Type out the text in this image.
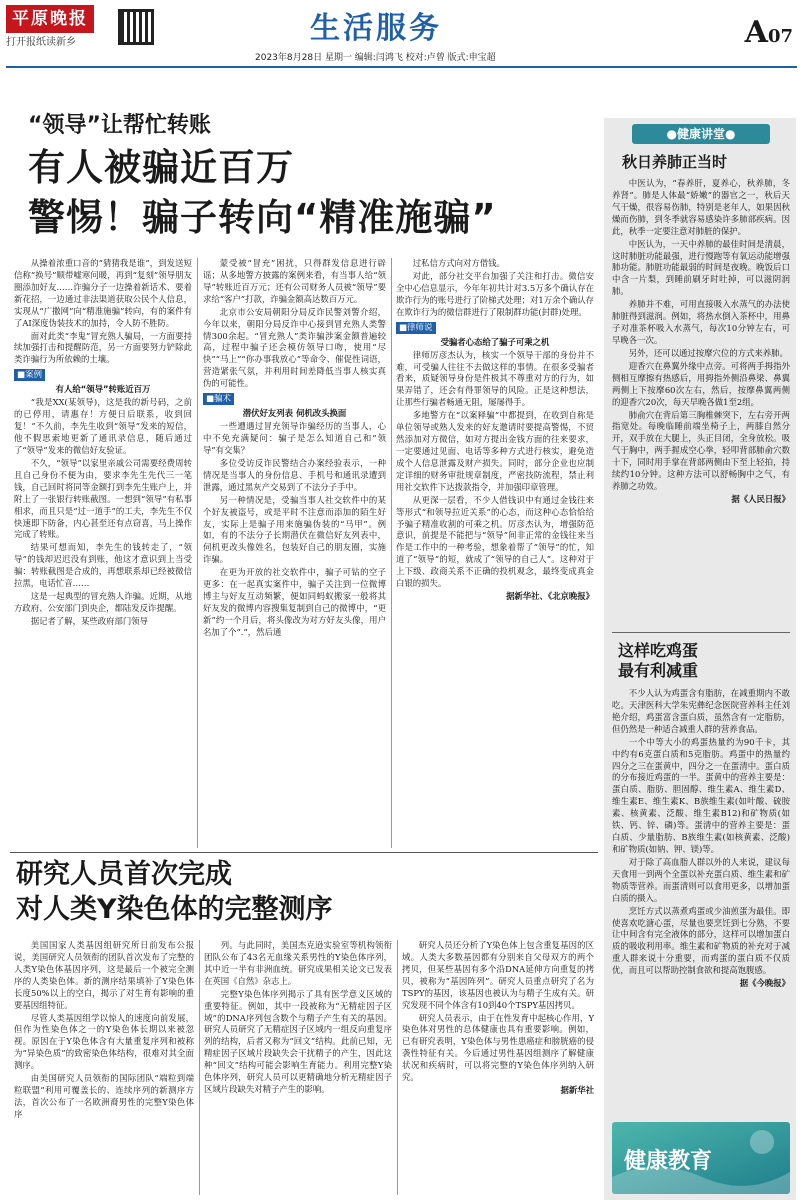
平原晚报
打开报纸读新乡	生活服务	A07
2023年8月28日 星期一 编辑:闫鸿飞 校对:卢曾 版式:申宝超
“领导”让帮忙转账
有人被骗近百万
警惕！骗子转向“精准施骗”

从操着浓重口音的“猜猜我是谁”，到发送短信称“换号”顺带嘘寒问暖，再到“复刻”领导朋友圈添加好友……诈骗分子一边操着新话术、要着新花招，一边通过非法渠道获取公民个人信息，实现从“广撒网”向“精准施骗”转向，有的案件有了AI深度伪装技术的加持，令人防不胜防。

面对此类“李鬼”冒充熟人骗局，一方面要持续加强打击和提醒防范，另一方面要努力铲除此类诈骗行为所依赖的土壤。

■案例
有人给“领导”转账近百万

“我是XX(某领导)，这是我的新号码，之前的已停用，请惠存！方便日后联系，收到回复！”不久前，李先生收到“领导”发来的短信，他不假思索地更新了通讯录信息，随后通过了“领导”发来的微信好友验证。

不久，“领导”以家里亲戚公司需要经费周转且自己身份不便为由，要求李先生先代三一笔钱，自己回时将同等金额打到李先生账户上，并附上了一张银行转账截图。一想到“领导”有私事相求，而且只是“过一道手”的工夫，李先生不仅快速即下防备，内心甚至还有点窃喜，马上操作完成了转账。

结果可想而知，李先生的钱转走了，“领导”的钱却迟迟没有到账，他这才意识到上当受骗：转账截图是合成的，再想联系却已经被微信拉黑，电话忙音……

这是一起典型的冒充熟人诈骗。近期，从地方政府、公安部门到央企，都陆发反诈提醒。

据记者了解，某些政府部门领导

蒙受被“冒充”困扰，只得群发信息进行辟谣；从多地警方披露的案例来看，有当事人给“领导”转账近百万元；还有公司财务人员被“领导”要求给“客户”打款，诈骗金额高达数百万元。

北京市公安局朝阳分局反诈民警刘警介绍，今年以来，朝阳分局反诈中心接到冒充熟人类警情300余起。“冒充熟人”类诈骗涉案金额普遍较高，过程中骗子还会模仿领导口吻，使用“尽快”“马上”“你办事我放心”等命令、催促性词语，营造紧张气氛，并利用时间差降低当事人核实真伪的可能性。

■骗术
潜伏好友列表 伺机改头换面

一些遭遇过冒充领导诈骗经历的当事人，心中不免充满疑问：骗子是怎么知道自己和“领导”有交集？

多位受访反诈民警结合办案经验表示，一种情况是当事人的身份信息、手机号和通讯录遭到泄露，通过黑灰产交易到了不法分子手中。

另一种情况是，受骗当事人社交软件中的某个好友被盗号，或是平时不注意而添加的陌生好友，实际上是骗子用来施骗伪装的“马甲”。例如，有的不法分子长期潜伏在微信好友列表中，伺机更改头像姓名，包装好自己的朋友圈，实施诈骗。

在更为开放的社交软件中，骗子可钻的空子更多：在一起真实案件中，骗子关注到一位微博博主与好友互动频繁，便如同蚂蚁搬家一般将其好友发的微博内容搜集复制到自己的微博中，“更新”约一个月后，将头像改为对方好友头像，用户名加了个“.”，然后通

过私信方式向对方借钱。

对此，部分社交平台加强了关注和打击。微信安全中心信息显示，今年年初共计对3.5万多个确认存在欺诈行为的账号进行了阶梯式处理；对1万余个确认存在欺诈行为的微信群进行了限制群功能(封群)处理。

■律师说
受骗者心态给了骗子可乘之机

律师厉彦杰认为，核实一个领导干部的身份并不难，可受骗人往往不去做这样的事情。在很多受骗者看来，质疑领导身份是件极其不尊重对方的行为，如果弄错了，还会有得罪领导的风险。正是这种想法，让那些行骗者畅通无阻，屡屡得手。

多地警方在“以案释骗”中都提到，在收到自称是单位领导或熟人发来的好友邀请时要提高警惕，不贸然添加对方微信，如对方提出金钱方面的往来要求，一定要通过见面、电话等多种方式进行核实，避免造成个人信息泄露及财产损失。同时，部分企业也应制定详细的财务审批规章制度，严密技防流程，禁止利用社交软件下达拨款指令，并加强印章管理。

从更深一层看，不少人借钱识中有通过金钱往来等形式“和领导拉近关系”的心态，而这种心态恰恰给予骗子精准收割的可乘之机。厉彦杰认为，增强防范意识，前提是不能把与“领导”间非正常的金钱往来当作是工作中的一种考验，想象着帮了“领导”的忙，知道了“领导”的短，就成了“领导的自己人”。这种对于上下级、政商关系不正确的投机观念，最终变成真金白银的损失。

据新华社、《北京晚报》
研究人员首次完成
对人类Y染色体的完整测序

美国国家人类基因组研究所日前发布公报说，美国研究人员领衔的团队首次发布了完整的人类Y染色体基因序列，这是最后一个被完全测序的人类染色体。新的测序结果填补了Y染色体长度50%以上的空白，揭示了对生育有影响的重要基因组特征。

尽管人类基因组学以惊人的速度向前发展，但作为性染色体之一的Y染色体长期以来被忽视。原因在于Y染色体含有大量重复序列和被称为“异染色质”的致密染色体结构，很难对其全面测序。

由美国研究人员领衔的国际团队“端粒到端粒联盟”利用可覆盖长的、连续序列的新测序方法，首次公布了一名欧洲裔男性的完整Y染色体序

列。与此同时，美国杰克逊实验室等机构领衔团队公布了43名无血缘关系男性的Y染色体序列，其中近一半有非洲血统。研究成果相关论文已发表在英国《自然》杂志上。

完整Y染色体序列揭示了具有医学意义区域的重要特征。例如，其中一段被称为“无精症因子区域”的DNA序列包含数个与精子产生有关的基因。研究人员研究了无精症因子区域内一组反向重复序列的结构，后者又称为“回文”结构。此前已知，无精症因子区域片段缺失会干扰精子的产生，因此这种“回文”结构可能会影响生育能力。利用完整Y染色体序列，研究人员可以更精确地分析无精症因子区域片段缺失对精子产生的影响。

研究人员还分析了Y染色体上包含重复基因的区域。人类大多数基因都有分别来自父母双方的两个拷贝，但某些基因有多个沿DNA延伸方向重复的拷贝，被称为“基因阵列”。研究人员重点研究了名为TSPY的基因，该基因也被认为与精子生成有关。研究发现不同个体含有10到40个TSPY基因拷贝。

研究人员表示，由于在性发育中起核心作用，Y染色体对男性的总体健康也具有重要影响。例如，已有研究表明，Y染色体与男性患癌症和膀胱癌的侵袭性特征有关。今后通过男性基因组测序了解健康状况和疾病时，可以将完整的Y染色体序列纳入研究。

据新华社
●健康讲堂●
秋日养肺正当时

中医认为，“春养肝，夏养心，秋养肺，冬养肾”。肺是人体最“娇嫩”的器官之一，秋后天气干燥，很容易伤肺，特别是老年人，如果因秋燥而伤肺，到冬季就容易感染许多肺部疾病。因此，秋季一定要注意对肺脏的保护。

中医认为，一天中养肺的最佳时间是清晨，这时肺脏功能最强，进行慢跑等有氧运动能增强肺功能。肺脏功能最弱的时间是夜晚。晚饭后口中含一片梨，到睡前刷牙时吐掉，可以滋阴润肺。

养肺并不难，可用直接吸入水蒸气的办法使肺脏得到滋润。例如，将热水倒入茶杯中，用鼻子对准茶杯吸入水蒸气，每次10分钟左右，可早晚各一次。

另外，还可以通过按摩穴位的方式来养肺。

迎香穴在鼻翼外缘中点旁。可将两手拇指外侧相互摩擦有热感后，用拇指外侧沿鼻梁、鼻翼两侧上下按摩60次左右，然后，按摩鼻翼两侧的迎香穴20次，每天早晚各做1至2组。

肺俞穴在背后第三胸椎棘突下，左右旁开两指宽处。每晚临睡前端坐椅子上，两膝自然分开，双手放在大腿上，头正目闭，全身放松。吸气于胸中，两手握成空心拳，轻叩背部肺俞穴数十下，同时用手掌在背部两侧由下至上轻拍，持续约10分钟。这种方法可以舒畅胸中之气，有养肺之功效。

据《人民日报》
这样吃鸡蛋
最有利减重

不少人认为鸡蛋含有脂肪，在减重期内不敢吃。天津医科大学朱宪彝纪念医院营养科主任刘艳介绍，鸡蛋富含蛋白质，虽然含有一定脂肪，但仍然是一种适合减重人群的营养食品。

一个中等大小的鸡蛋热量约为90千卡，其中约有6克蛋白质和5克脂肪。鸡蛋中的热量约四分之三在蛋黄中，四分之一在蛋清中。蛋白质的分布接近鸡蛋的一半。蛋黄中的营养主要是：蛋白质、脂肪、胆固醇、维生素A、维生素D、维生素E、维生素K、B族维生素(如叶酸、硫胺素、核黄素、泛酸、维生素B12)和矿物质(如铁、钙、锌、磷)等。蛋清中的营养主要是：蛋白质、少量脂肪、B族维生素(如核黄素、泛酸)和矿物质(如钠、钾、镁)等。

对于除了高血脂人群以外的人来说，建议每天食用一到两个全蛋以补充蛋白质、维生素和矿物质等营养。而蛋清则可以食用更多，以增加蛋白质的摄入。

烹饪方式以蒸煮鸡蛋或少油煎蛋为最佳。即使喜欢吃溏心蛋，尽量也要烹饪到七分熟，不要让中间含有完全液体的部分，这样可以增加蛋白质的吸收利用率。维生素和矿物质的补充对于减重人群来说十分重要，而鸡蛋的蛋白质不仅质优，而且可以帮助控制食欲和提高饱腹感。

据《今晚报》
健康教育
